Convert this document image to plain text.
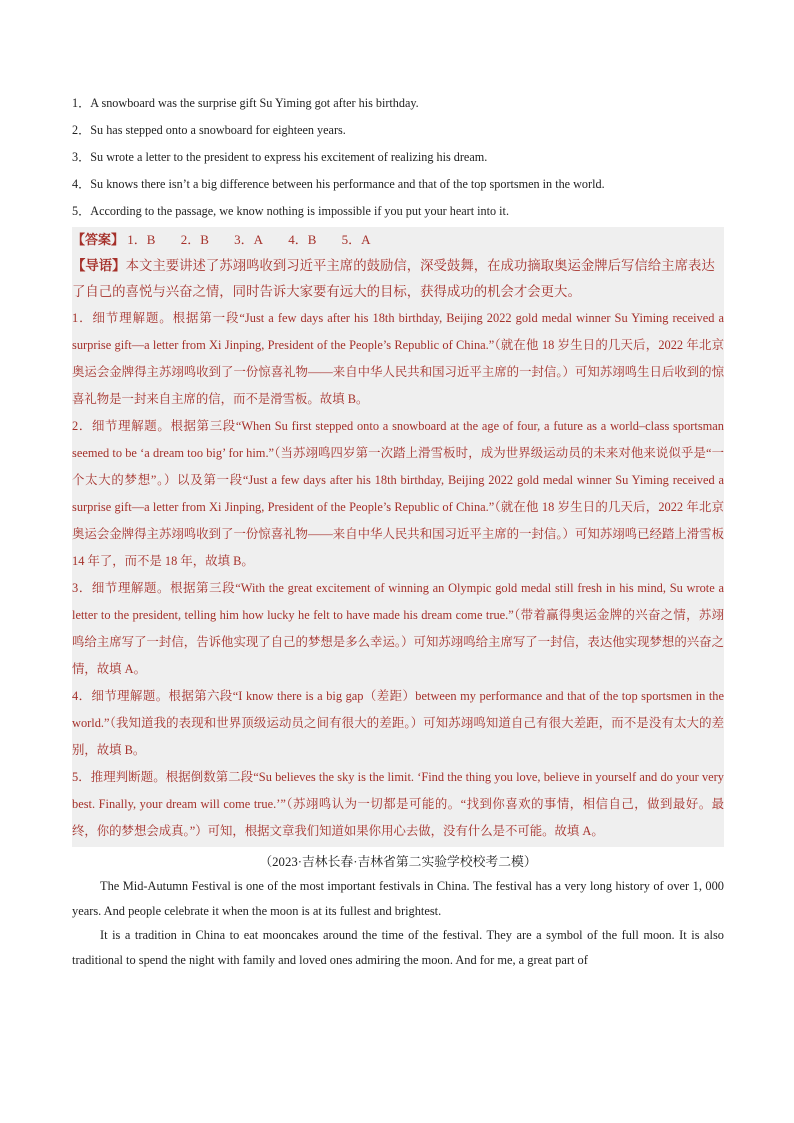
1．A snowboard was the surprise gift Su Yiming got after his birthday.
2．Su has stepped onto a snowboard for eighteen years.
3．Su wrote a letter to the president to express his excitement of realizing his dream.
4．Su knows there isn’t a big difference between his performance and that of the top sportsmen in the world.
5．According to the passage, we know nothing is impossible if you put your heart into it.
【答案】 1．B 2．B 3．A 4．B 5．A
【导语】本文主要讲述了苏翊鸣收到习近平主席的鼓励信，深受鼓舞，在成功摘取奥运金牌后写信给主席表达了自己的喜悦与兴奋之情，同时告诉大家要有远大的目标，获得成功的机会才会更大。

1．细节理解题。根据第一段“Just a few days after his 18th birthday, Beijing 2022 gold medal winner Su Yiming received a surprise gift—a letter from Xi Jinping, President of the People’s Republic of China.”（就在他 18 岁生日的几天后，2022 年北京奥运会金牌得主苏翊鸣收到了一份惊喜礼物——来自中华人民共和国习近平主席的一封信。）可知苏翊鸣生日后收到的惊喜礼物是一封来自主席的信，而不是滑雪板。故填 B。

2．细节理解题。根据第三段“When Su first stepped onto a snowboard at the age of four, a future as a world–class sportsman seemed to be ‘a dream too big’ for him.”（当苏翊鸣四岁第一次踏上滑雪板时，成为世界级运动员的未来对他来说似乎是“一个太大的梦想”。）以及第一段“Just a few days after his 18th birthday, Beijing 2022 gold medal winner Su Yiming received a surprise gift—a letter from Xi Jinping, President of the People’s Republic of China.”（就在他 18 岁生日的几天后，2022 年北京奥运会金牌得主苏翊鸣收到了一份惊喜礼物——来自中华人民共和国习近平主席的一封信。）可知苏翊鸣已经踏上滑雪板 14 年了，而不是 18 年，故填 B。

3．细节理解题。根据第三段“With the great excitement of winning an Olympic gold medal still fresh in his mind, Su wrote a letter to the president, telling him how lucky he felt to have made his dream come true.”（带着赢得奥运金牌的兴奋之情，苏翊鸣给主席写了一封信，告诉他实现了自己的梦想是多么幸运。）可知苏翊鸣给主席写了一封信，表达他实现梦想的兴奋之情，故填 A。

4．细节理解题。根据第六段“I know there is a big gap（差距）between my performance and that of the top sportsmen in the world.”（我知道我的表现和世界顶级运动员之间有很大的差距。）可知苏翊鸣知道自己有很大差距，而不是没有太大的差别，故填 B。

5．推理判断题。根据倒数第二段“Su believes the sky is the limit. ‘Find the thing you love, believe in yourself and do your very best. Finally, your dream will come true.’”（苏翊鸣认为一切都是可能的。“找到你喜欢的事情，相信自己，做到最好。最终，你的梦想会成真。”）可知，根据文章我们知道如果你用心去做，没有什么是不可能。故填 A。

（2023·吉林长春·吉林省第二实验学校校考二模）

The Mid-Autumn Festival is one of the most important festivals in China. The festival has a very long history of over 1, 000 years. And people celebrate it when the moon is at its fullest and brightest.

It is a tradition in China to eat mooncakes around the time of the festival. They are a symbol of the full moon. It is also traditional to spend the night with family and loved ones admiring the moon. And for me, a great part of
